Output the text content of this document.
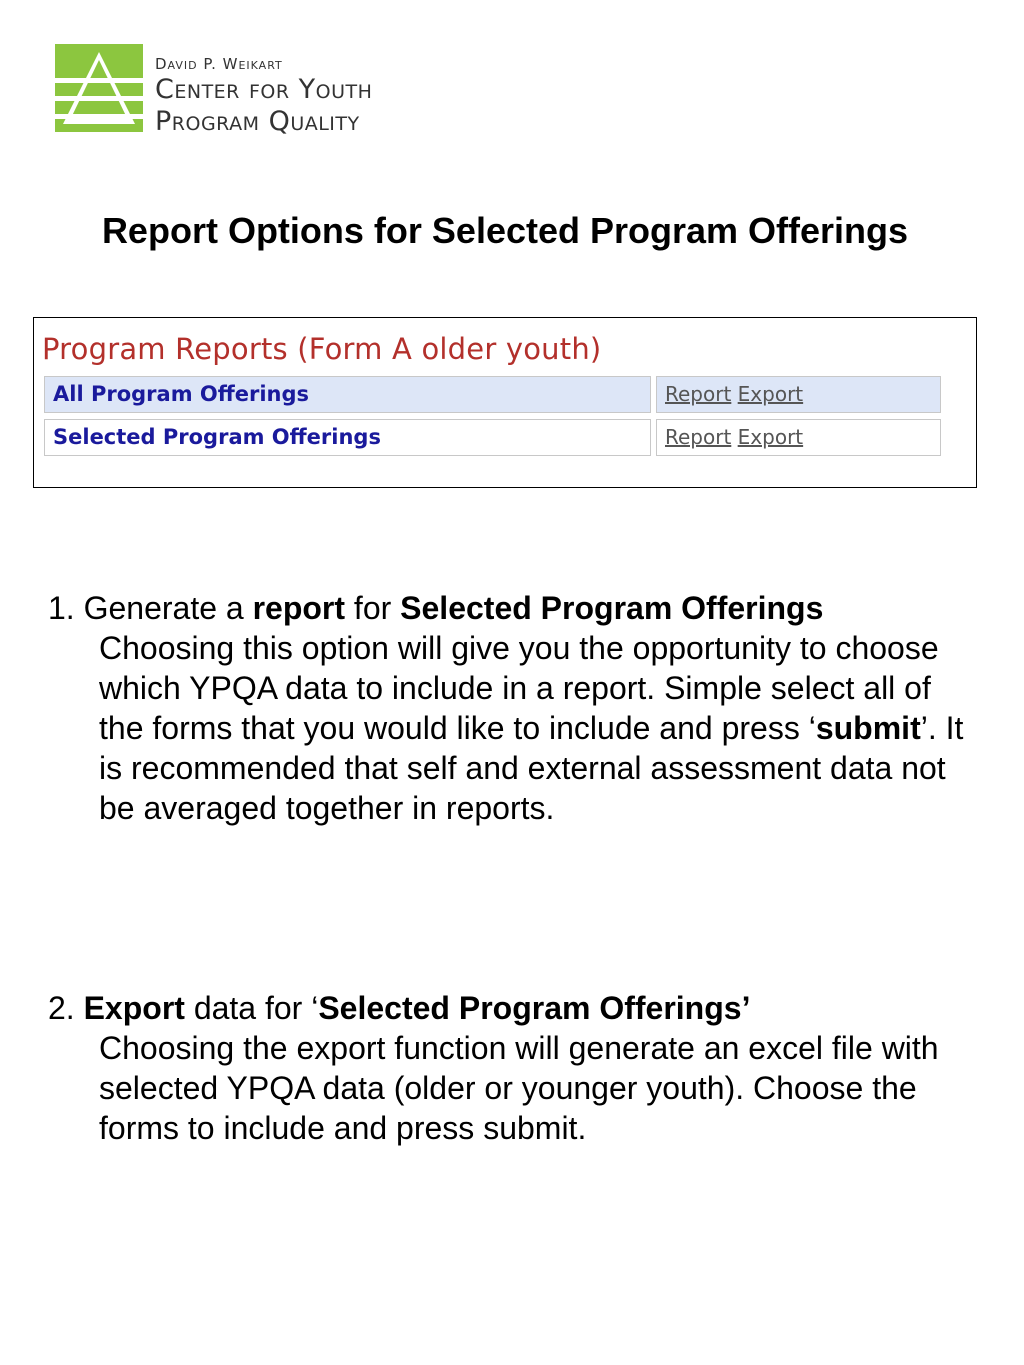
David P. Weikart
Center for Youth
Program Quality
Report Options for Selected Program Offerings
Program Reports (Form A older youth)
All Program Offerings	Report Export
Selected Program Offerings	Report Export
1. Generate a report for Selected Program Offerings
Choosing this option will give you the opportunity to choose which YPQA data to include in a report. Simple select all of the forms that you would like to include and press ‘submit’. It is recommended that self and external assessment data not be averaged together in reports.
2. Export data for ‘Selected Program Offerings’
Choosing the export function will generate an excel file with selected YPQA data (older or younger youth). Choose the forms to include and press submit.
